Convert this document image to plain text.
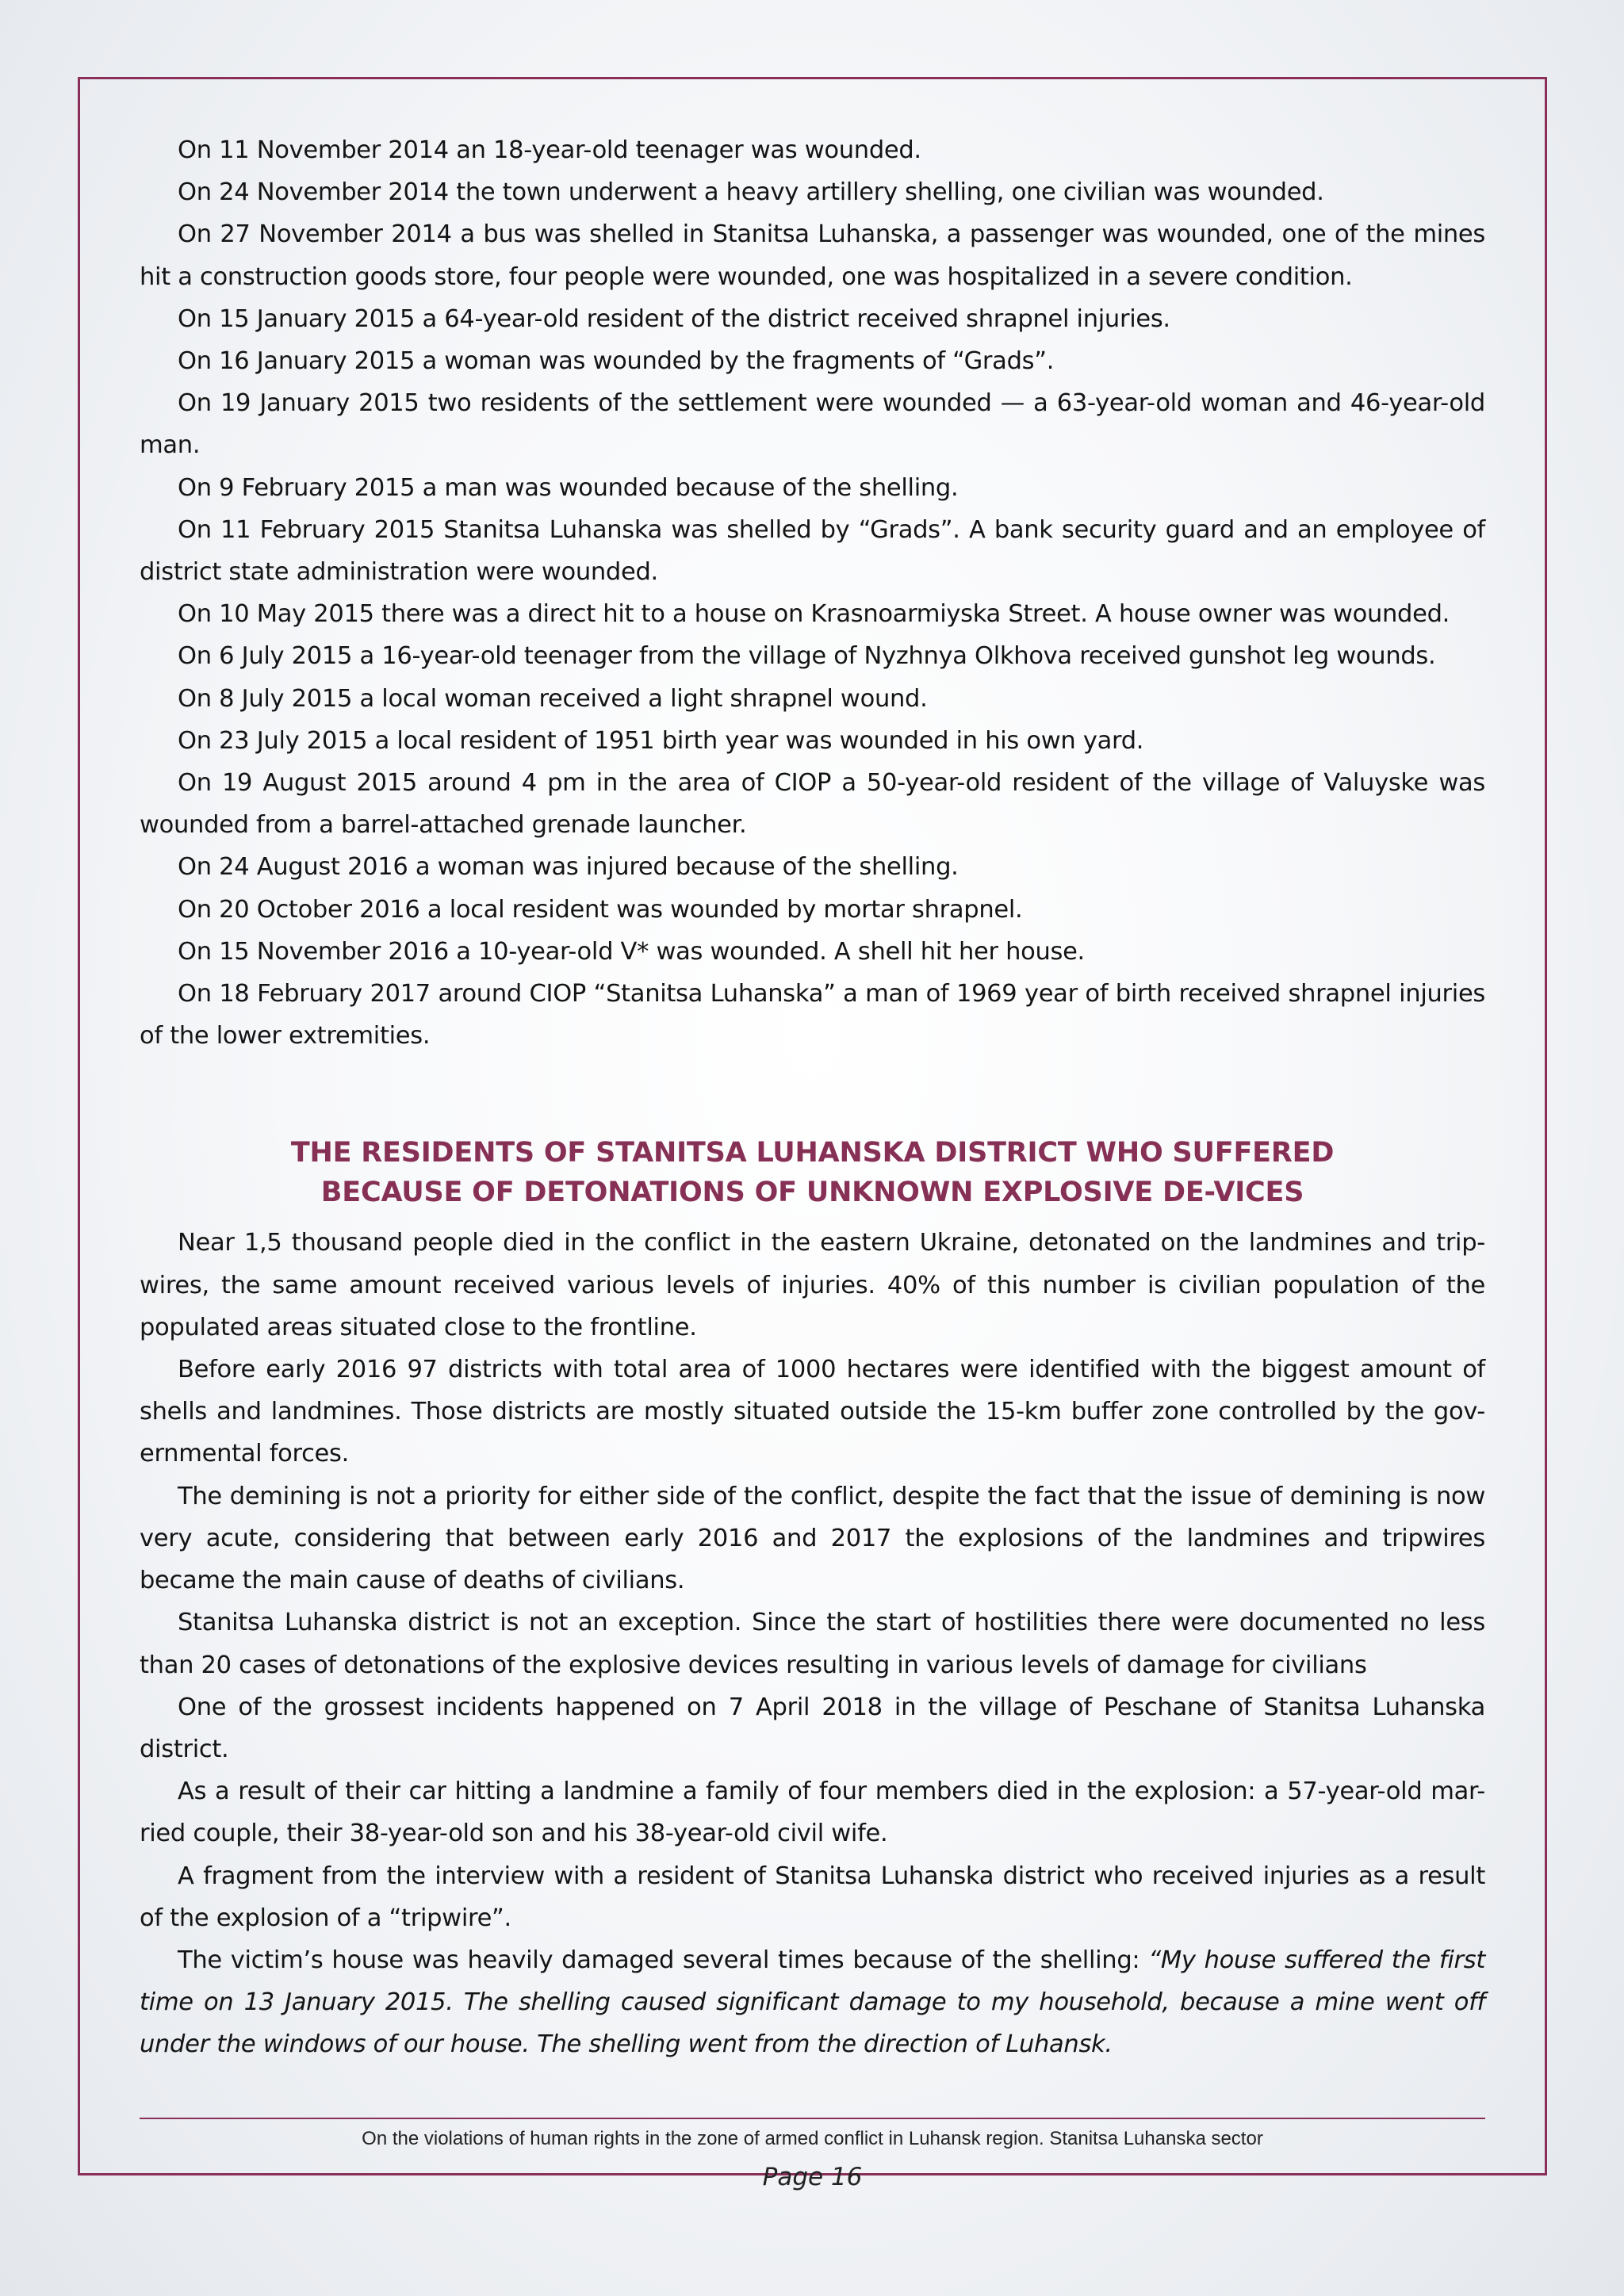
On 11 November 2014 an 18-year-old teenager was wounded.

On 24 November 2014 the town underwent a heavy artillery shelling, one civilian was wounded.

On 27 November 2014 a bus was shelled in Stanitsa Luhanska, a passenger was wounded, one of the mines hit a construction goods store, four people were wounded, one was hospitalized in a severe condition.

On 15 January 2015 a 64-year-old resident of the district received shrapnel injuries.

On 16 January 2015 a woman was wounded by the fragments of “Grads”.

On 19 January 2015 two residents of the settlement were wounded — a 63-year-old woman and 46-year-old man.

On 9 February 2015 a man was wounded because of the shelling.

On 11 February 2015 Stanitsa Luhanska was shelled by “Grads”. A bank security guard and an employee of district state administration were wounded.

On 10 May 2015 there was a direct hit to a house on Krasnoarmiyska Street. A house owner was wounded.

On 6 July 2015 a 16-year-old teenager from the village of Nyzhnya Olkhova received gunshot leg wounds.

On 8 July 2015 a local woman received a light shrapnel wound.

On 23 July 2015 a local resident of 1951 birth year was wounded in his own yard.

On 19 August 2015 around 4 pm in the area of CIOP a 50-year-old resident of the village of Valuyske was wounded from a barrel-attached grenade launcher.

On 24 August 2016 a woman was injured because of the shelling.

On 20 October 2016 a local resident was wounded by mortar shrapnel.

On 15 November 2016 a 10-year-old V* was wounded. A shell hit her house.

On 18 February 2017 around CIOP “Stanitsa Luhanska” a man of 1969 year of birth received shrapnel injuries of the lower extremities.

THE RESIDENTS OF STANITSA LUHANSKA DISTRICT WHO SUFFERED
BECAUSE OF DETONATIONS OF UNKNOWN EXPLOSIVE DE-VICES

Near 1,5 thousand people died in the conflict in the eastern Ukraine, detonated on the landmines and trip-wires, the same amount received various levels of injuries. 40% of this number is civilian population of the populated areas situated close to the frontline.

Before early 2016 97 districts with total area of 1000 hectares were identified with the biggest amount of shells and landmines. Those districts are mostly situated outside the 15-km buffer zone controlled by the gov-ernmental forces.

The demining is not a priority for either side of the conflict, despite the fact that the issue of demining is now very acute, considering that between early 2016 and 2017 the explosions of the landmines and tripwires became the main cause of deaths of civilians.

Stanitsa Luhanska district is not an exception. Since the start of hostilities there were documented no less than 20 cases of detonations of the explosive devices resulting in various levels of damage for civilians

One of the grossest incidents happened on 7 April 2018 in the village of Peschane of Stanitsa Luhanska district.

As a result of their car hitting a landmine a family of four members died in the explosion: a 57-year-old mar-ried couple, their 38-year-old son and his 38-year-old civil wife.

A fragment from the interview with a resident of Stanitsa Luhanska district who received injuries as a result of the explosion of a “tripwire”.

The victim’s house was heavily damaged several times because of the shelling: “My house suffered the first time on 13 January 2015. The shelling caused significant damage to my household, because a mine went off under the windows of our house. The shelling went from the direction of Luhansk.

On the violations of human rights in the zone of armed conflict in Luhansk region. Stanitsa Luhanska sector
Page 16
